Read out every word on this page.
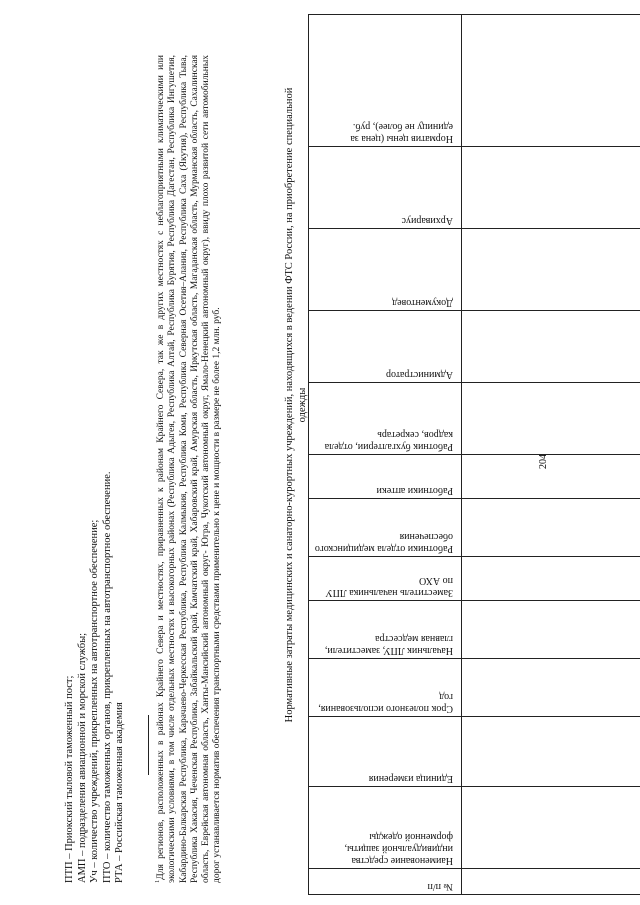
204
ПТП – Приокский тыловой таможенный пост; АМП – подразделения авиационной и морской службы; Уч – количество учреждений, прикрепленных на автотранспортное обеспечение; ПТО – количество таможенных органов, прикрепленных на автотранспортное обеспечение. РТА – Российская таможенная академия	$^1$Для регионов, расположенных в районах Крайнего Севера и местностях, приравненных к районам Крайнего Севера, так же в других местностях с неблагоприятными климатическими или экологическими условиями, в том числе отдельных местностях и высокогорных районах (Республика Адыгея, Республика Алтай, Республика Бурятия, Республика Дагестан, Республика Ингушетия, Кабардино-Балкарская Республика, Карачаево-Черкесская Республика, Республика Калмыкия, Республика Коми, Республика Северная Осетия–Алания, Республика Саха (Якутия), Республика Тыва, Республика Хакасия, Чеченская Республика, Забайкальский край, Камчатский край, Хабаровский край, Амурская область, Иркутская область, Магаданская область, Мурманская область, Сахалинская область, Еврейская автономная область, Ханты-Мансийский автономный округ- Югра, Чукотский автономный округ, Ямало-Ненецкий автономный округ), ввиду плохо развитой сети автомобильных дорог устанавливается норматив обеспечения транспортными средствами применительно к цене и мощности в размере не более 1,2 млн. руб.	Нормативные затраты медицинских и санаторно-курортных учреждений, находящихся в ведении ФТС России, на приобретение специальной одежды
№ п/п	Наименование средства индивидуальной защиты, форменной одежды	Единица измерения	Срок полезного использования, год	Начальник ЛПУ, заместители, главная медсестра	Заместитель начальника ЛПУ по АХО	Работники отдела медицинского обеспечения	Работники аптеки	Работник бухгалтерии, отдела кадров, секретарь	Администратор	Документовед	Архивариус	Норматив цены (цена за единицу не более), руб.
